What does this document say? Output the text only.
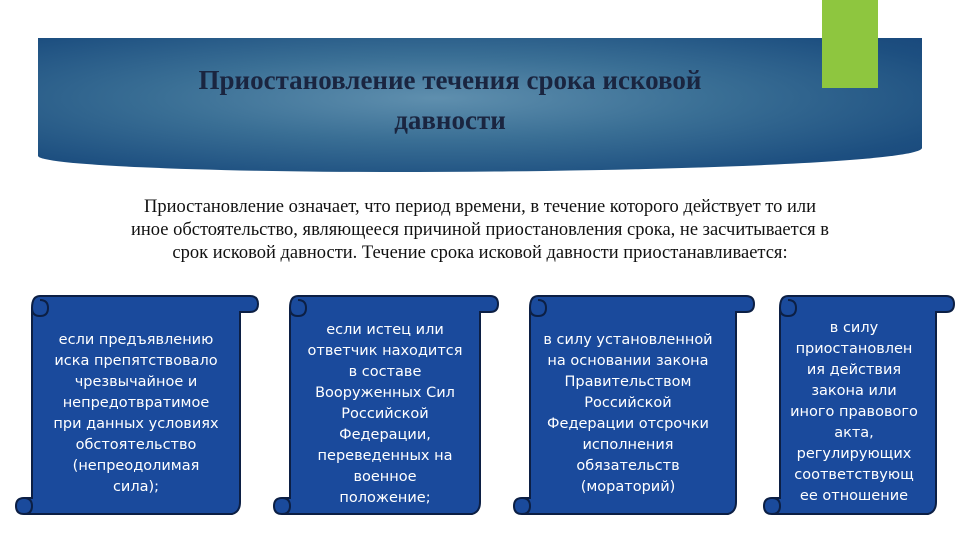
Приостановление течения срока исковой
давности
Приостановление означает, что период времени, в течение которого действует то или
иное обстоятельство, являющееся причиной приостановления срока, не засчитывается в
срок исковой давности. Течение срока исковой давности приостанавливается:
если предъявлению
иска препятствовало
чрезвычайное и
непредотвратимое
при данных условиях
обстоятельство
(непреодолимая
сила);
если истец или
ответчик находится
в составе
Вооруженных Сил
Российской
Федерации,
переведенных на
военное
положение;
в силу установленной
на основании закона
Правительством
Российской
Федерации отсрочки
исполнения
обязательств
(мораторий)
в силу
приостановлен
ия действия
закона или
иного правового
акта,
регулирующих
соответствующ
ее отношение
